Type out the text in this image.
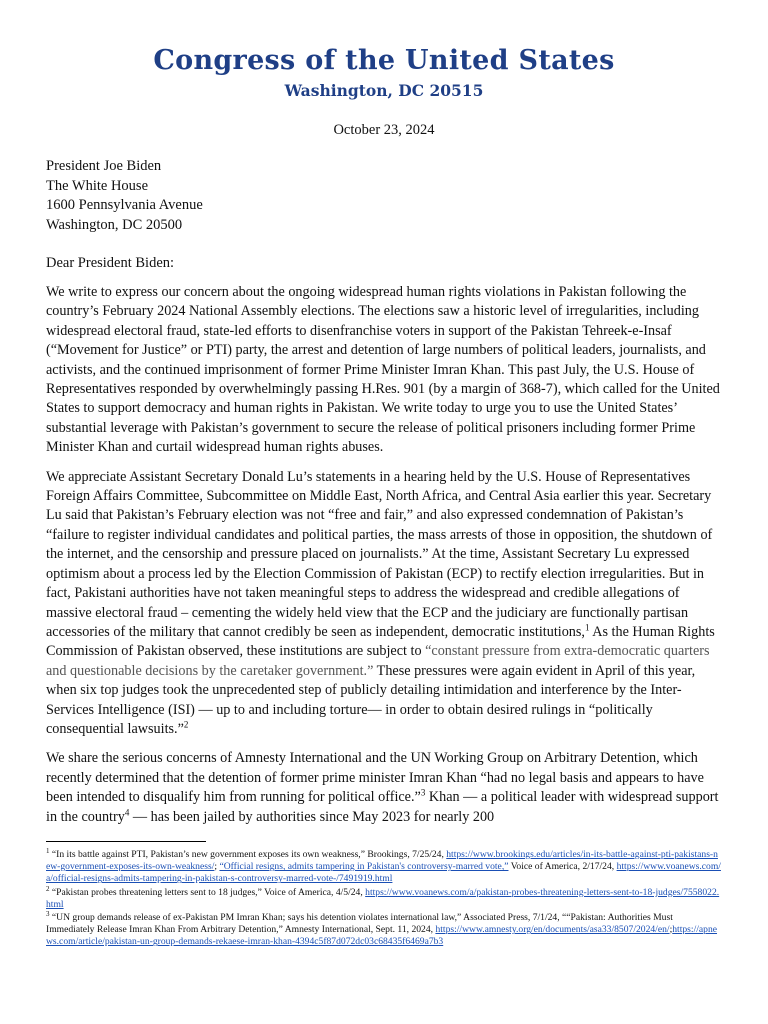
Congress of the United States
Washington, DC 20515
October 23, 2024
President Joe Biden
The White House
1600 Pennsylvania Avenue
Washington, DC 20500
Dear President Biden:
We write to express our concern about the ongoing widespread human rights violations in Pakistan following the country’s February 2024 National Assembly elections. The elections saw a historic level of irregularities, including widespread electoral fraud, state-led efforts to disenfranchise voters in support of the Pakistan Tehreek-e-Insaf (“Movement for Justice” or PTI) party, the arrest and detention of large numbers of political leaders, journalists, and activists, and the continued imprisonment of former Prime Minister Imran Khan. This past July, the U.S. House of Representatives responded by overwhelmingly passing H.Res. 901 (by a margin of 368-7), which called for the United States to support democracy and human rights in Pakistan. We write today to urge you to use the United States’ substantial leverage with Pakistan’s government to secure the release of political prisoners including former Prime Minister Khan and curtail widespread human rights abuses.
We appreciate Assistant Secretary Donald Lu’s statements in a hearing held by the U.S. House of Representatives Foreign Affairs Committee, Subcommittee on Middle East, North Africa, and Central Asia earlier this year. Secretary Lu said that Pakistan’s February election was not “free and fair,” and also expressed condemnation of Pakistan’s “failure to register individual candidates and political parties, the mass arrests of those in opposition, the shutdown of the internet, and the censorship and pressure placed on journalists.” At the time, Assistant Secretary Lu expressed optimism about a process led by the Election Commission of Pakistan (ECP) to rectify election irregularities. But in fact, Pakistani authorities have not taken meaningful steps to address the widespread and credible allegations of massive electoral fraud – cementing the widely held view that the ECP and the judiciary are functionally partisan accessories of the military that cannot credibly be seen as independent, democratic institutions,$^1$ As the Human Rights Commission of Pakistan observed, these institutions are subject to “constant pressure from extra-democratic quarters and questionable decisions by the caretaker government.” These pressures were again evident in April of this year, when six top judges took the unprecedented step of publicly detailing intimidation and interference by the Inter-Services Intelligence (ISI) — up to and including torture— in order to obtain desired rulings in “politically consequential lawsuits.”$^2$
We share the serious concerns of Amnesty International and the UN Working Group on Arbitrary Detention, which recently determined that the detention of former prime minister Imran Khan “had no legal basis and appears to have been intended to disqualify him from running for political office.”$^3$ Khan — a political leader with widespread support in the country$^4$ — has been jailed by authorities since May 2023 for nearly 200
$^1$ “In its battle against PTI, Pakistan’s new government exposes its own weakness,” Brookings, 7/25/24, https://www.brookings.edu/articles/in-its-battle-against-pti-pakistans-new-government-exposes-its-own-weakness/; “Official resigns, admits tampering in Pakistan's controversy-marred vote,” Voice of America, 2/17/24, https://www.voanews.com/a/official-resigns-admits-tampering-in-pakistan-s-controversy-marred-vote-/7491919.html
$^2$ “Pakistan probes threatening letters sent to 18 judges,” Voice of America, 4/5/24, https://www.voanews.com/a/pakistan-probes-threatening-letters-sent-to-18-judges/7558022.html
$^3$ “UN group demands release of ex-Pakistan PM Imran Khan; says his detention violates international law,” Associated Press, 7/1/24, ““Pakistan: Authorities Must Immediately Release Imran Khan From Arbitrary Detention,” Amnesty International, Sept. 11, 2024, https://www.amnesty.org/en/documents/asa33/8507/2024/en/;https://apnews.com/article/pakistan-un-group-demands-rekaese-imran-khan-4394c5f87d072dc03c68435f6469a7b3
